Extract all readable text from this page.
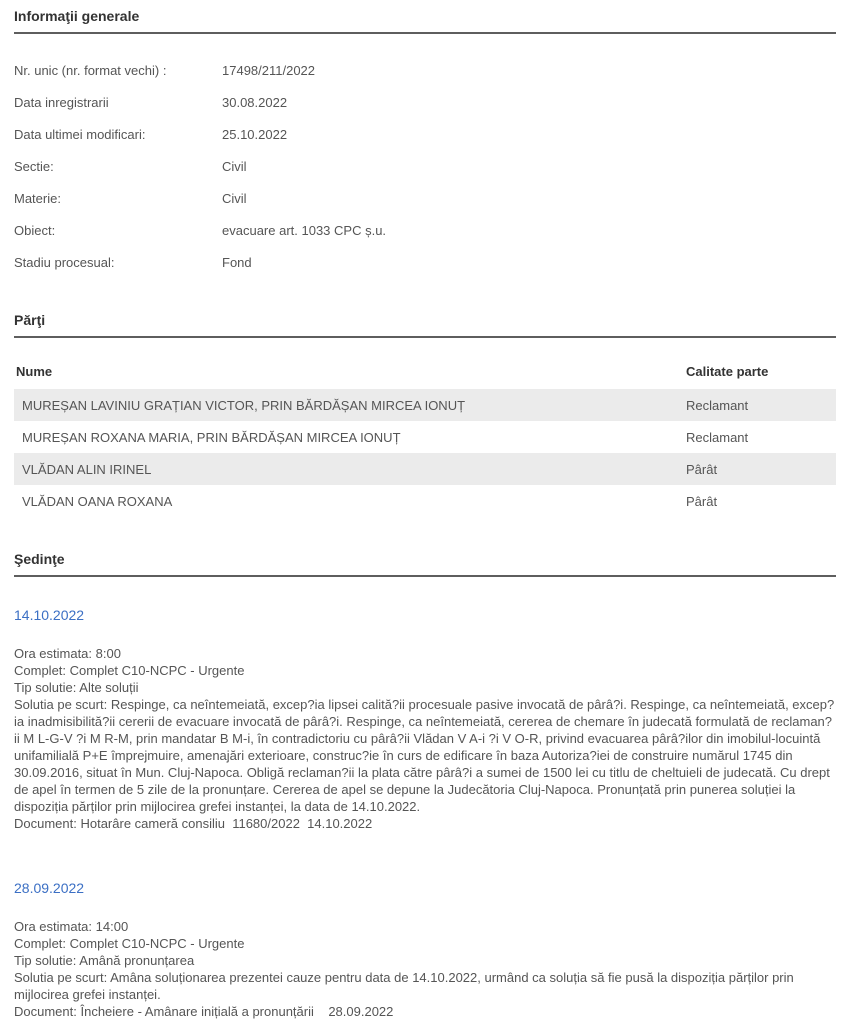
Informaţii generale
Nr. unic (nr. format vechi) :	17498/211/2022
Data inregistrarii	30.08.2022
Data ultimei modificari:	25.10.2022
Sectie:	Civil
Materie:	Civil
Obiect:	evacuare art. 1033 CPC ș.u.
Stadiu procesual:	Fond
Părţi
Nume	Calitate parte
MUREȘAN LAVINIU GRAȚIAN VICTOR, PRIN BĂRDĂȘAN MIRCEA IONUȚ	Reclamant
MUREȘAN ROXANA MARIA, PRIN BĂRDĂȘAN MIRCEA IONUȚ	Reclamant
VLĂDAN ALIN IRINEL	Pârât
VLĂDAN OANA ROXANA	Pârât
Şedinţe
14.10.2022
Ora estimata: 8:00
Complet: Complet C10-NCPC - Urgente
Tip solutie: Alte soluții
Solutia pe scurt: Respinge, ca neîntemeiată, excep?ia lipsei calită?ii procesuale pasive invocată de pârâ?i. Respinge, ca neîntemeiată, excep?ia inadmisibilită?ii cererii de evacuare invocată de pârâ?i. Respinge, ca neîntemeiată, cererea de chemare în judecată formulată de reclaman?ii M L-G-V ?i M R-M, prin mandatar B M-i, în contradictoriu cu pârâ?ii Vlădan V A-i ?i V O-R, privind evacuarea pârâ?ilor din imobilul-locuintă unifamilială P+E împrejmuire, amenajări exterioare, construc?ie în curs de edificare în baza Autoriza?iei de construire numărul 1745 din 30.09.2016, situat în Mun. Cluj-Napoca. Obligă reclaman?ii la plata către pârâ?i a sumei de 1500 lei cu titlu de cheltuieli de judecată. Cu drept de apel în termen de 5 zile de la pronunțare. Cererea de apel se depune la Judecătoria Cluj-Napoca. Pronunțată prin punerea soluției la dispoziția părților prin mijlocirea grefei instanței, la data de 14.10.2022.
Document: Hotarâre cameră consiliu  11680/2022  14.10.2022
28.09.2022
Ora estimata: 14:00
Complet: Complet C10-NCPC - Urgente
Tip solutie: Amână pronunțarea
Solutia pe scurt: Amâna soluționarea prezentei cauze pentru data de 14.10.2022, urmând ca soluția să fie pusă la dispoziția părților prin mijlocirea grefei instanței.
Document: Încheiere - Amânare inițială a pronunțării    28.09.2022
